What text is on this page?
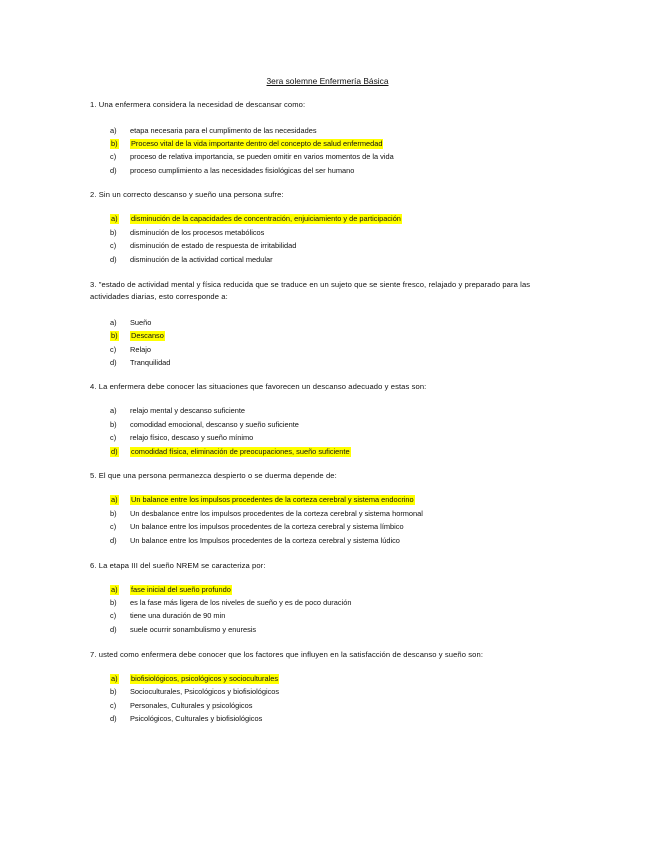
3era solemne Enfermería Básica
1. Una enfermera considera la necesidad de descansar como:
a) etapa necesaria para el cumplimento de las necesidades
b) Proceso vital de la vida importante dentro del concepto de salud enfermedad
c) proceso de relativa importancia, se pueden omitir en varios momentos de la vida
d) proceso cumplimiento a las necesidades fisiológicas del ser humano
2. Sin un correcto descanso y sueño una persona sufre:
a) disminución de la capacidades de concentración, enjuiciamiento y de participación
b) disminución de los procesos metabólicos
c) disminución de estado de respuesta de irritabilidad
d) disminución de la actividad cortical medular
3. "estado de actividad mental y física reducida que se traduce en un sujeto que se siente fresco, relajado y preparado para las actividades diarias, esto corresponde a:
a) Sueño
b) Descanso
c) Relajo
d) Tranquilidad
4. La enfermera debe conocer las situaciones que favorecen un descanso adecuado y estas son:
a) relajo mental y descanso suficiente
b) comodidad emocional, descanso y sueño suficiente
c) relajo físico, descaso y sueño mínimo
d) comodidad física, eliminación de preocupaciones, sueño suficiente
5. El que una persona permanezca despierto o se duerma depende de:
a) Un balance entre los impulsos procedentes de la corteza cerebral y sistema endocrino
b) Un desbalance entre los impulsos procedentes de la corteza cerebral y sistema hormonal
c) Un balance entre los impulsos procedentes de la corteza cerebral y sistema límbico
d) Un balance entre los Impulsos procedentes de la corteza cerebral y sistema lúdico
6. La etapa III del sueño NREM se caracteriza por:
a) fase inicial del sueño profundo
b) es la fase más ligera de los niveles de sueño y es de poco duración
c) tiene una duración de 90 min
d) suele ocurrir sonambulismo y enuresis
7. usted como enfermera debe conocer que los factores que influyen en la satisfacción de descanso y sueño son:
a) biofisiológicos, psicológicos y socioculturales
b) Socioculturales, Psicológicos y biofisiológicos
c) Personales, Culturales y psicológicos
d) Psicológicos, Culturales y biofisiológicos
